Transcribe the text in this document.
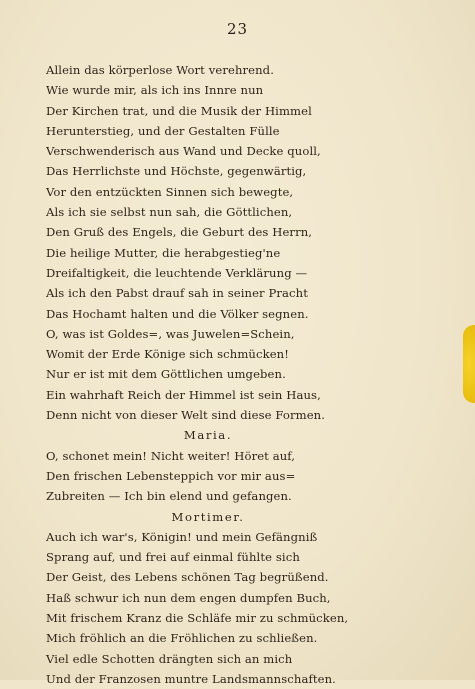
23
Allein das körperlose Wort verehrend.
Wie wurde mir, als ich ins Innre nun
Der Kirchen trat, und die Musik der Himmel
Herunterstieg, und der Gestalten Fülle
Verschwenderisch aus Wand und Decke quoll,
Das Herrlichste und Höchste, gegenwärtig,
Vor den entzückten Sinnen sich bewegte,
Als ich sie selbst nun sah, die Göttlichen,
Den Gruß des Engels, die Geburt des Herrn,
Die heilige Mutter, die herabgestieg'ne
Dreifaltigkeit, die leuchtende Verklärung —
Als ich den Pabst drauf sah in seiner Pracht
Das Hochamt halten und die Völker segnen.
O, was ist Goldes=, was Juwelen=Schein,
Womit der Erde Könige sich schmücken!
Nur er ist mit dem Göttlichen umgeben.
Ein wahrhaft Reich der Himmel ist sein Haus,
Denn nicht von dieser Welt sind diese Formen.
Maria.
O, schonet mein! Nicht weiter! Höret auf,
Den frischen Lebensteppich vor mir aus=
Zubreiten — Ich bin elend und gefangen.
Mortimer.
Auch ich war's, Königin! und mein Gefängniß
Sprang auf, und frei auf einmal fühlte sich
Der Geist, des Lebens schönen Tag begrüßend.
Haß schwur ich nun dem engen dumpfen Buch,
Mit frischem Kranz die Schläfe mir zu schmücken,
Mich fröhlich an die Fröhlichen zu schließen.
Viel edle Schotten drängten sich an mich
Und der Franzosen muntre Landsmannschaften.
